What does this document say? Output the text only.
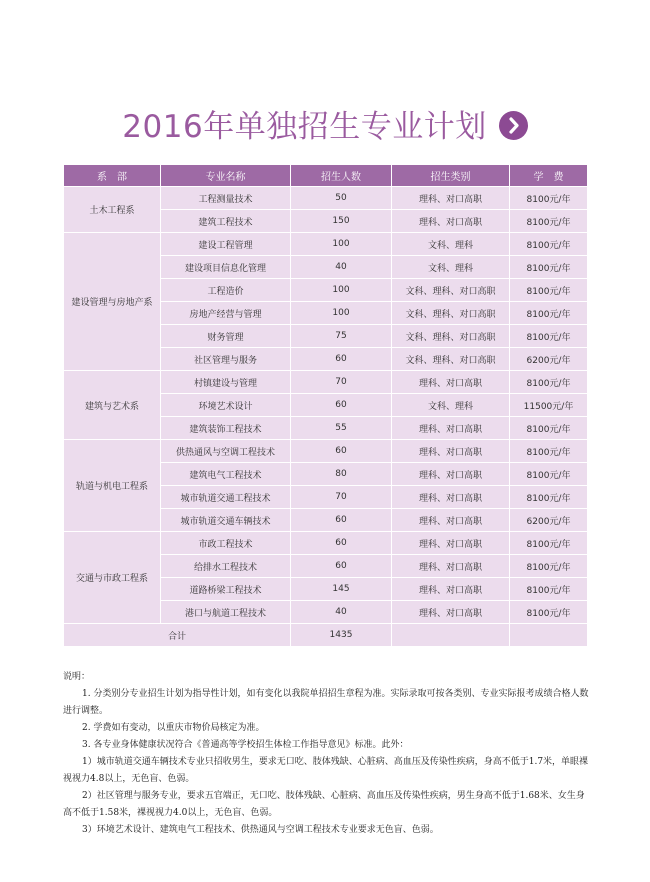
2016年单独招生专业计划
系　部	专业名称	招生人数	招生类别	学　费
土木工程系	工程测量技术	50	理科、对口高职	8100元/年
	建筑工程技术	150	理科、对口高职	8100元/年
建设管理与房地产系	建设工程管理	100	文科、理科	8100元/年
	建设项目信息化管理	40	文科、理科	8100元/年
	工程造价	100	文科、理科、对口高职	8100元/年
	房地产经营与管理	100	文科、理科、对口高职	8100元/年
	财务管理	75	文科、理科、对口高职	8100元/年
	社区管理与服务	60	文科、理科、对口高职	6200元/年
建筑与艺术系	村镇建设与管理	70	理科、对口高职	8100元/年
	环境艺术设计	60	文科、理科	11500元/年
	建筑装饰工程技术	55	理科、对口高职	8100元/年
轨道与机电工程系	供热通风与空调工程技术	60	理科、对口高职	8100元/年
	建筑电气工程技术	80	理科、对口高职	8100元/年
	城市轨道交通工程技术	70	理科、对口高职	8100元/年
	城市轨道交通车辆技术	60	理科、对口高职	6200元/年
交通与市政工程系	市政工程技术	60	理科、对口高职	8100元/年
	给排水工程技术	60	理科、对口高职	8100元/年
	道路桥梁工程技术	145	理科、对口高职	8100元/年
	港口与航道工程技术	40	理科、对口高职	8100元/年
合计		1435		

说明：

1. 分类别分专业招生计划为指导性计划，如有变化以我院单招招生章程为准。实际录取可按各类别、专业实际报考成绩合格人数进行调整。

2. 学费如有变动，以重庆市物价局核定为准。

3. 各专业身体健康状况符合《普通高等学校招生体检工作指导意见》标准。此外：

1）城市轨道交通车辆技术专业只招收男生，要求无口吃、肢体残缺、心脏病、高血压及传染性疾病，身高不低于1.7米，单眼裸视视力4.8以上，无色盲、色弱。

2）社区管理与服务专业，要求五官端正，无口吃、肢体残缺、心脏病、高血压及传染性疾病，男生身高不低于1.68米、女生身高不低于1.58米，裸视视力4.0以上，无色盲、色弱。

3）环境艺术设计、建筑电气工程技术、供热通风与空调工程技术专业要求无色盲、色弱。
